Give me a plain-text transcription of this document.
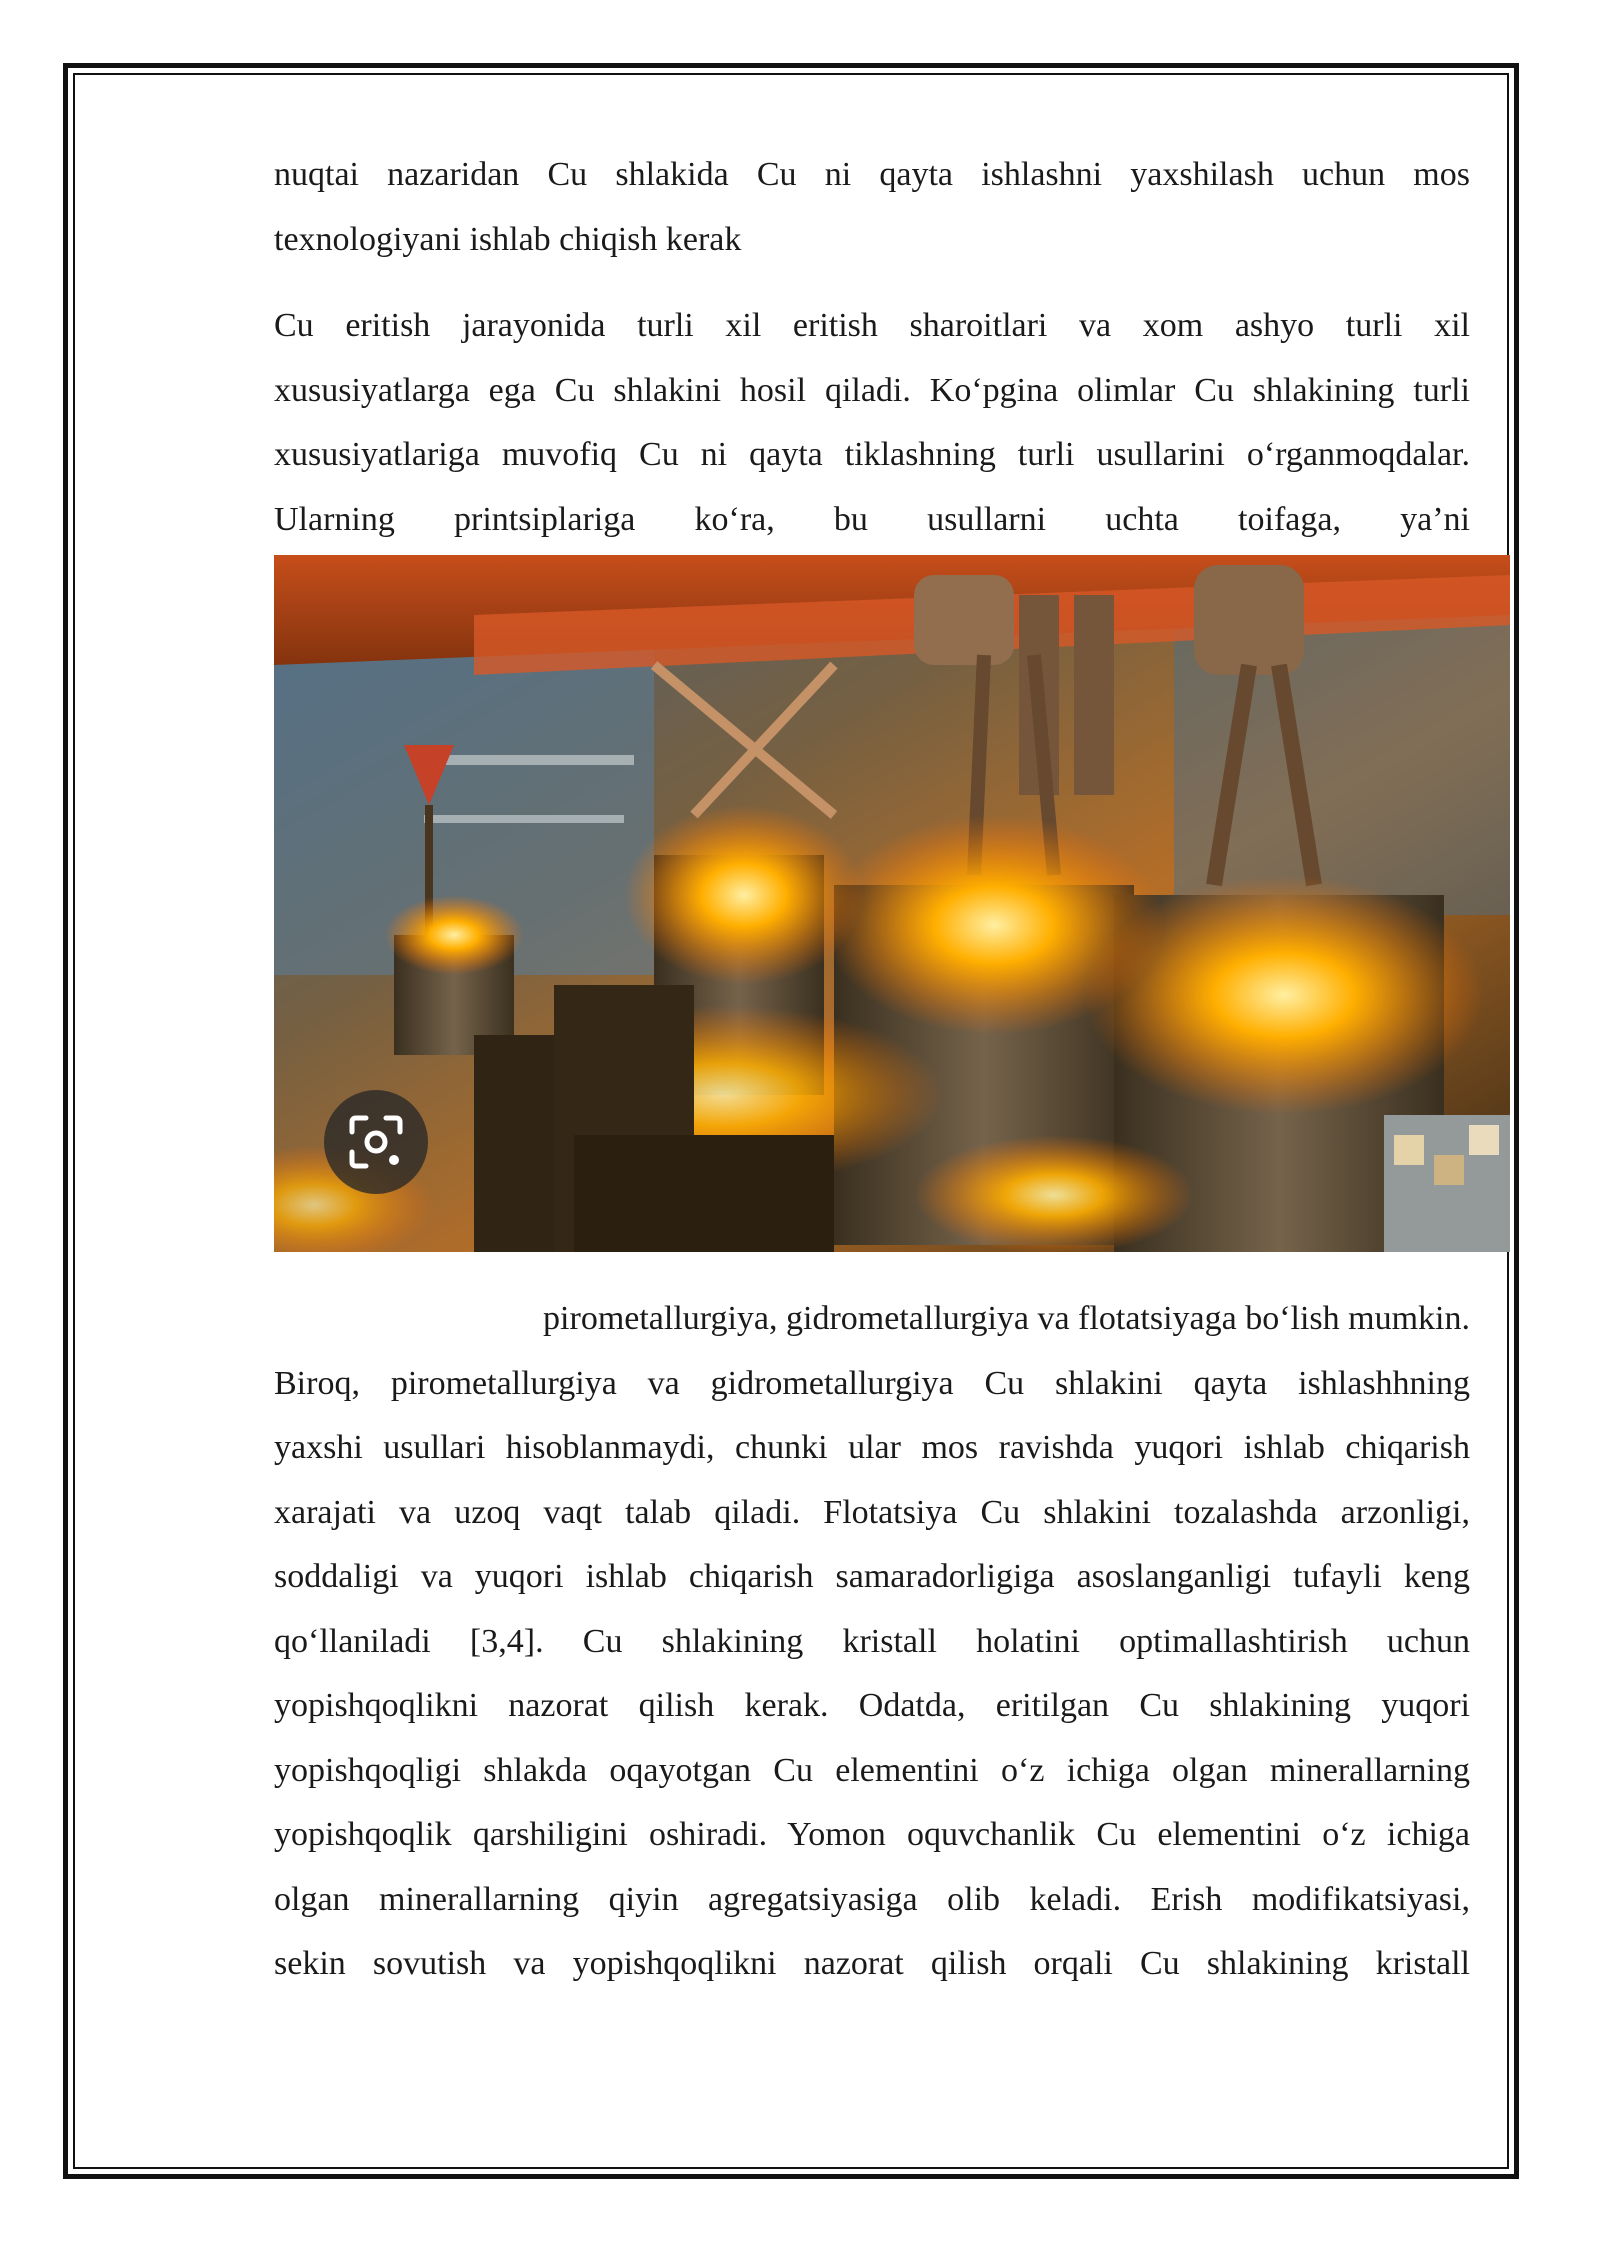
nuqtai nazaridan Cu shlakida Cu ni qayta ishlashni yaxshilash uchun mos

texnologiyani ishlab chiqish kerak

Cu eritish jarayonida turli xil eritish sharoitlari va xom ashyo turli xil

xususiyatlarga ega Cu shlakini hosil qiladi. Ko‘pgina olimlar Cu shlakining turli

xususiyatlariga muvofiq Cu ni qayta tiklashning turli usullarini o‘rganmoqdalar.

Ularning printsiplariga ko‘ra, bu usullarni uchta toifaga, ya’ni

pirometallurgiya, gidrometallurgiya va flotatsiyaga bo‘lish mumkin.

Biroq, pirometallurgiya va gidrometallurgiya Cu shlakini qayta ishlashhning

yaxshi usullari hisoblanmaydi, chunki ular mos ravishda yuqori ishlab chiqarish

xarajati va uzoq vaqt talab qiladi. Flotatsiya Cu shlakini tozalashda arzonligi,

soddaligi va yuqori ishlab chiqarish samaradorligiga asoslanganligi tufayli keng

qo‘llaniladi [3,4]. Cu shlakining kristall holatini optimallashtirish uchun

yopishqoqlikni nazorat qilish kerak. Odatda, eritilgan Cu shlakining yuqori

yopishqoqligi shlakda oqayotgan Cu elementini o‘z ichiga olgan minerallarning

yopishqoqlik qarshiligini oshiradi. Yomon oquvchanlik Cu elementini o‘z ichiga

olgan minerallarning qiyin agregatsiyasiga olib keladi. Erish modifikatsiyasi,

sekin sovutish va yopishqoqlikni nazorat qilish orqali Cu shlakining kristall
